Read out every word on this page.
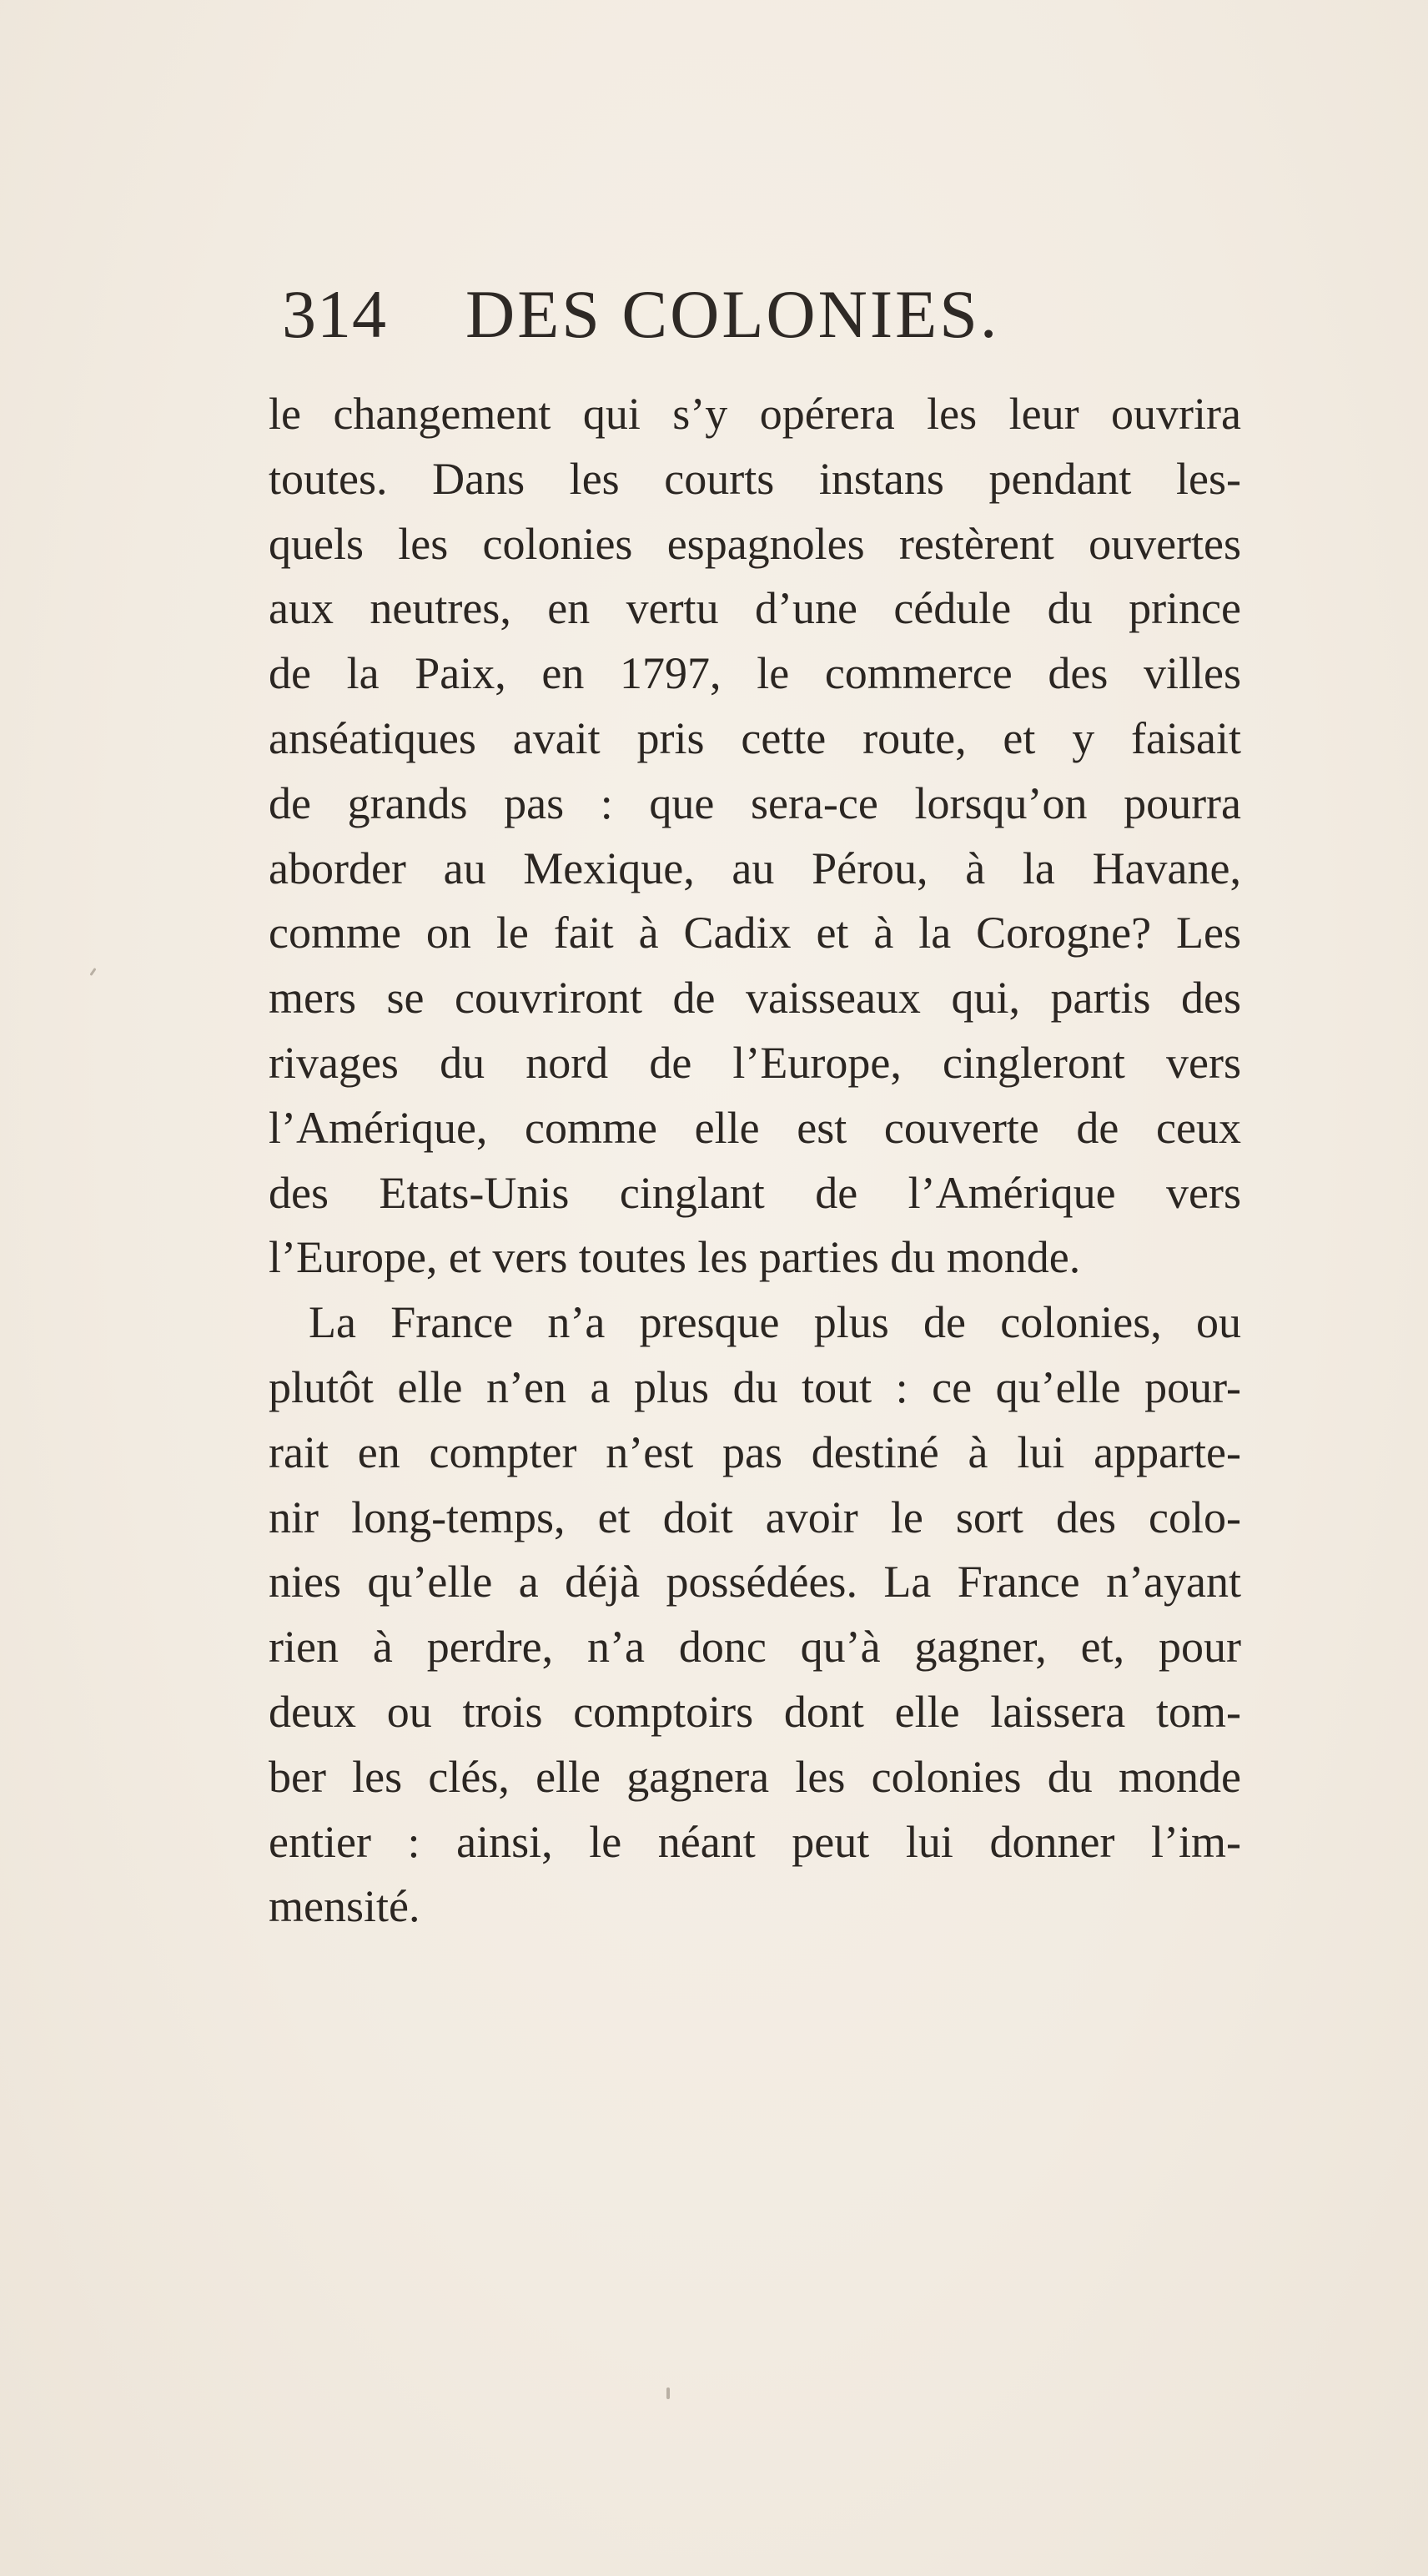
314 DES COLONIES.
le changement qui s’y opérera les leur ouvrira
toutes. Dans les courts instans pendant les-
quels les colonies espagnoles restèrent ouvertes
aux neutres, en vertu d’une cédule du prince
de la Paix, en 1797, le commerce des villes
anséatiques avait pris cette route, et y faisait
de grands pas : que sera-ce lorsqu’on pourra
aborder au Mexique, au Pérou, à la Havane,
comme on le fait à Cadix et à la Corogne? Les
mers se couvriront de vaisseaux qui, partis des
rivages du nord de l’Europe, cingleront vers
l’Amérique, comme elle est couverte de ceux
des Etats-Unis cinglant de l’Amérique vers
l’Europe, et vers toutes les parties du monde.
La France n’a presque plus de colonies, ou
plutôt elle n’en a plus du tout : ce qu’elle pour-
rait en compter n’est pas destiné à lui apparte-
nir long-temps, et doit avoir le sort des colo-
nies qu’elle a déjà possédées. La France n’ayant
rien à perdre, n’a donc qu’à gagner, et, pour
deux ou trois comptoirs dont elle laissera tom-
ber les clés, elle gagnera les colonies du monde
entier : ainsi, le néant peut lui donner l’im-
mensité.
